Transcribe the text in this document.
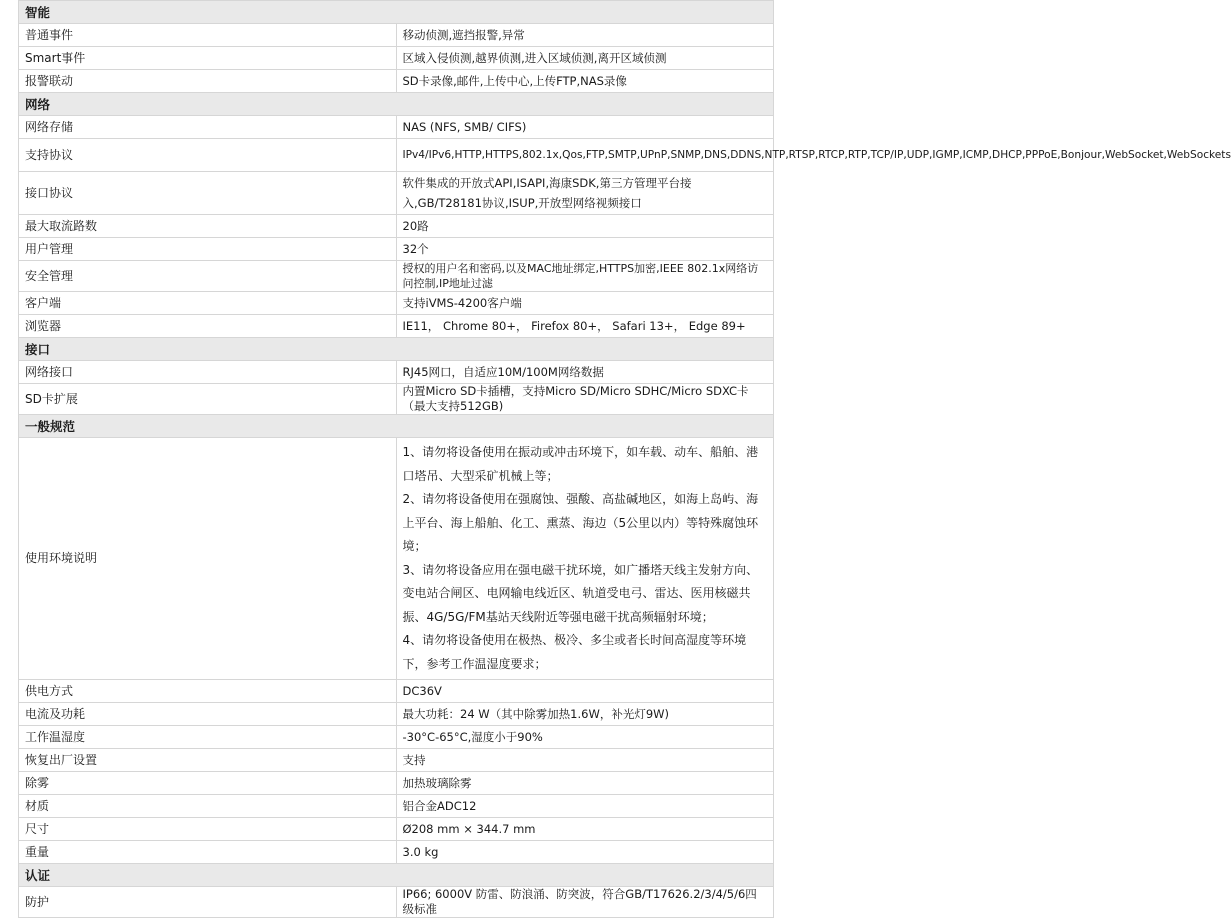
智能	
普通事件	移动侦测,遮挡报警,异常
Smart事件	区域入侵侦测,越界侦测,进入区域侦测,离开区域侦测
报警联动	SD卡录像,邮件,上传中心,上传FTP,NAS录像
网络	
网络存储	NAS (NFS, SMB/ CIFS)
支持协议	IPv4/IPv6,HTTP,HTTPS,802.1x,Qos,FTP,SMTP,UPnP,SNMP,DNS,DDNS,NTP,RTSP,RTCP,RTP,TCP/IP,UDP,IGMP,ICMP,DHCP,PPPoE,Bonjour,WebSocket,WebSockets
接口协议	软件集成的开放式API,ISAPI,海康SDK,第三方管理平台接入,GB/T28181协议,ISUP,开放型网络视频接口
最大取流路数	20路
用户管理	32个
安全管理	授权的用户名和密码,以及MAC地址绑定,HTTPS加密,IEEE 802.1x网络访问控制,IP地址过滤
客户端	支持iVMS-4200客户端
浏览器	IE11， Chrome 80+， Firefox 80+， Safari 13+， Edge 89+
接口	
网络接口	RJ45网口，自适应10M/100M网络数据
SD卡扩展	内置Micro SD卡插槽，支持Micro SD/Micro SDHC/Micro SDXC卡（最大支持512GB)
一般规范	
使用环境说明	1、请勿将设备使用在振动或冲击环境下，如车载、动车、船舶、港口塔吊、大型采矿机械上等；
2、请勿将设备使用在强腐蚀、强酸、高盐碱地区，如海上岛屿、海上平台、海上船舶、化工、熏蒸、海边（5公里以内）等特殊腐蚀环境；
3、请勿将设备应用在强电磁干扰环境，如广播塔天线主发射方向、变电站合闸区、电网输电线近区、轨道受电弓、雷达、医用核磁共振、4G/5G/FM基站天线附近等强电磁干扰高频辐射环境；
4、请勿将设备使用在极热、极冷、多尘或者长时间高湿度等环境下，参考工作温湿度要求；

供电方式	DC36V
电流及功耗	最大功耗：24 W（其中除雾加热1.6W，补光灯9W)
工作温湿度	-30°C-65°C,湿度小于90%
恢复出厂设置	支持
除雾	加热玻璃除雾
材质	铝合金ADC12
尺寸	Ø208 mm × 344.7 mm
重量	3.0 kg
认证	
防护	IP66; 6000V 防雷、防浪涌、防突波，符合GB/T17626.2/3/4/5/6四级标准
